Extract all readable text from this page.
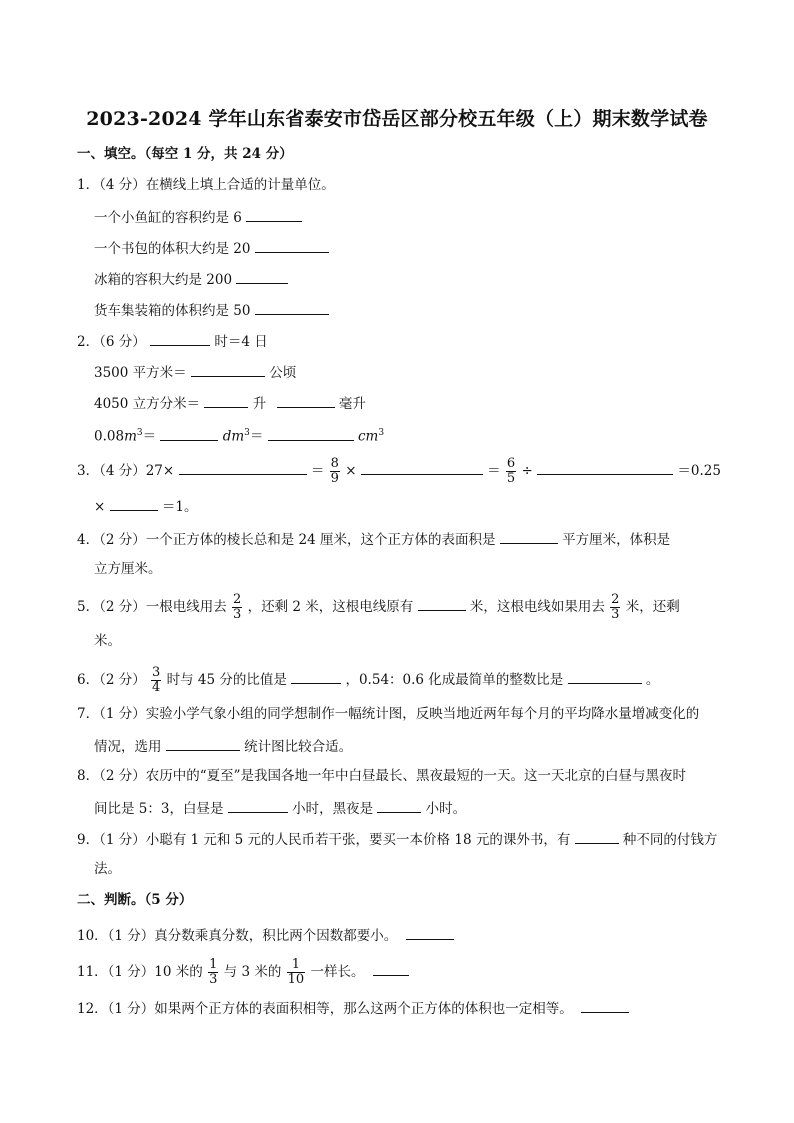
2023-2024 学年山东省泰安市岱岳区部分校五年级（上）期末数学试卷
一、填空。（每空 1 分，共 24 分）
1．（4 分）在横线上填上合适的计量单位。
一个小鱼缸的容积约是 6
一个书包的体积大约是 20
冰箱的容积大约是 200
货车集装箱的体积约是 50
2．（6 分）	时＝4 日
3500 平方米＝	公顷
4050 立方分米＝	升	毫升
$0.08m^3=$	$dm^3=$	$cm^3$
3．（4 分）27×	＝ $\frac{8}{9}$ ×	＝ $\frac{6}{5}$ ÷	＝0.25
×	＝1。
4．（2 分）一个正方体的棱长总和是 24 厘米，这个正方体的表面积是	平方厘米，体积是
立方厘米。
5．（2 分）一根电线用去 $\frac{2}{3}$ ，还剩 2 米，这根电线原有	米，这根电线如果用去 $\frac{2}{3}$ 米，还剩
米。
6．（2 分） $\frac{3}{4}$ 时与 45 分的比值是	，0.54：0.6 化成最简单的整数比是	。
7．（1 分）实验小学气象小组的同学想制作一幅统计图，反映当地近两年每个月的平均降水量增减变化的
情况，选用	统计图比较合适。
8．（2 分）农历中的“夏至”是我国各地一年中白昼最长、黑夜最短的一天。这一天北京的白昼与黑夜时
间比是 5：3，白昼是	小时，黑夜是	小时。
9．（1 分）小聪有 1 元和 5 元的人民币若干张，要买一本价格 18 元的课外书，有	种不同的付钱方
法。
二、判断。（5 分）
10．（1 分）真分数乘真分数，积比两个因数都要小。
11．（1 分）10 米的 $\frac{1}{3}$ 与 3 米的 $\frac{1}{10}$ 一样长。
12．（1 分）如果两个正方体的表面积相等，那么这两个正方体的体积也一定相等。
